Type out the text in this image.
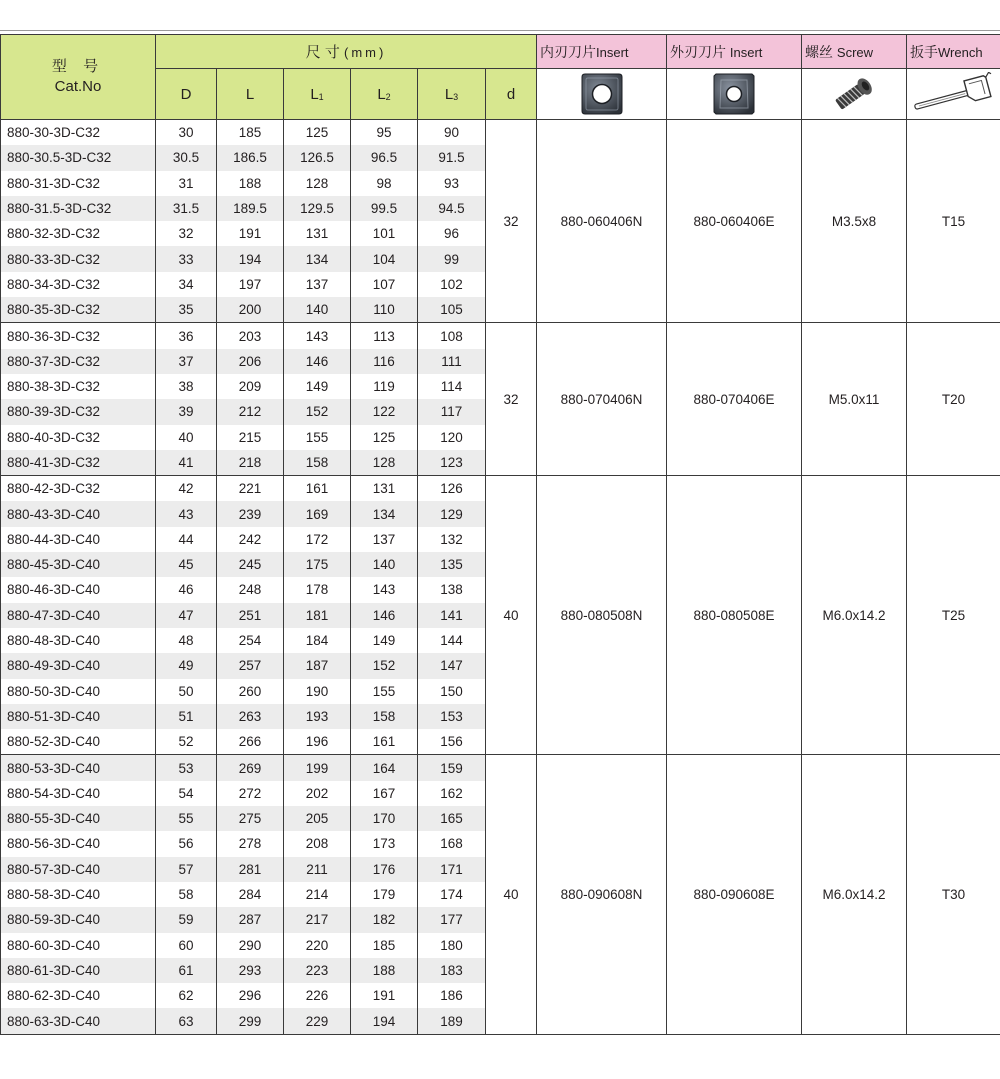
型 号
Cat.No	尺 寸 (mm)						内刃刀片Insert	外刃刀片 Insert	螺丝 Screw	扳手Wrench
	D	L	$L_1$	$L_2$	$L_3$	d	

880-30-3D-C32	30	185	125	95	90	32	880-060406N	880-060406E	M3.5x8	T15
880-30.5-3D-C32	30.5	186.5	126.5	96.5	91.5					
880-31-3D-C32	31	188	128	98	93					
880-31.5-3D-C32	31.5	189.5	129.5	99.5	94.5					
880-32-3D-C32	32	191	131	101	96					
880-33-3D-C32	33	194	134	104	99					
880-34-3D-C32	34	197	137	107	102					
880-35-3D-C32	35	200	140	110	105					
880-36-3D-C32	36	203	143	113	108	32	880-070406N	880-070406E	M5.0x11	T20
880-37-3D-C32	37	206	146	116	111					
880-38-3D-C32	38	209	149	119	114					
880-39-3D-C32	39	212	152	122	117					
880-40-3D-C32	40	215	155	125	120					
880-41-3D-C32	41	218	158	128	123					
880-42-3D-C32	42	221	161	131	126	40	880-080508N	880-080508E	M6.0x14.2	T25
880-43-3D-C40	43	239	169	134	129					
880-44-3D-C40	44	242	172	137	132					
880-45-3D-C40	45	245	175	140	135					
880-46-3D-C40	46	248	178	143	138					
880-47-3D-C40	47	251	181	146	141					
880-48-3D-C40	48	254	184	149	144					
880-49-3D-C40	49	257	187	152	147					
880-50-3D-C40	50	260	190	155	150					
880-51-3D-C40	51	263	193	158	153					
880-52-3D-C40	52	266	196	161	156					
880-53-3D-C40	53	269	199	164	159	40	880-090608N	880-090608E	M6.0x14.2	T30
880-54-3D-C40	54	272	202	167	162					
880-55-3D-C40	55	275	205	170	165					
880-56-3D-C40	56	278	208	173	168					
880-57-3D-C40	57	281	211	176	171					
880-58-3D-C40	58	284	214	179	174					
880-59-3D-C40	59	287	217	182	177					
880-60-3D-C40	60	290	220	185	180					
880-61-3D-C40	61	293	223	188	183					
880-62-3D-C40	62	296	226	191	186					
880-63-3D-C40	63	299	229	194	189					
